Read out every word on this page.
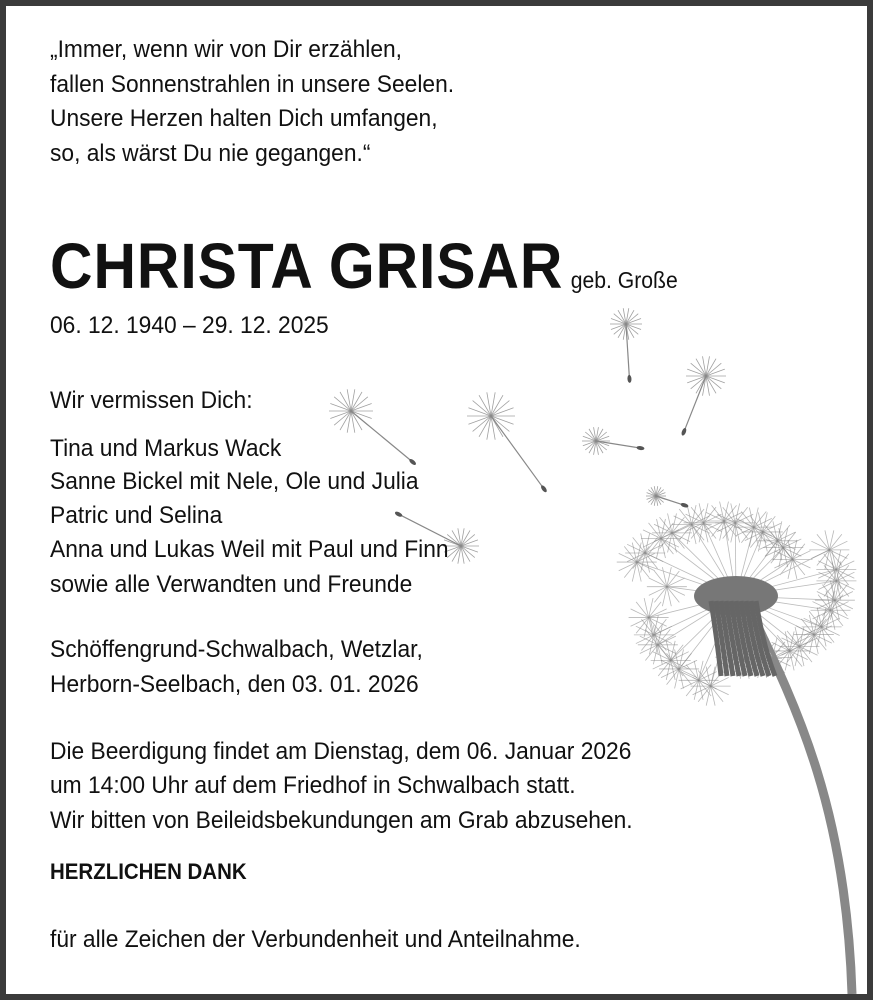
„Immer, wenn wir von Dir erzählen,
fallen Sonnenstrahlen in unsere Seelen.
Unsere Herzen halten Dich umfangen,
so, als wärst Du nie gegangen.“
CHRISTA GRISAR geb. Große
06. 12. 1940 – 29. 12. 2025
Wir vermissen Dich:
Tina und Markus Wack
Sanne Bickel mit Nele, Ole und Julia
Patric und Selina
Anna und Lukas Weil mit Paul und Finn
sowie alle Verwandten und Freunde
Schöffengrund-Schwalbach, Wetzlar,
Herborn-Seelbach, den 03. 01. 2026
Die Beerdigung findet am Dienstag, dem 06. Januar 2026
um 14:00 Uhr auf dem Friedhof in Schwalbach statt.
Wir bitten von Beileidsbekundungen am Grab abzusehen.
HERZLICHEN DANK
für alle Zeichen der Verbundenheit und Anteilnahme.
